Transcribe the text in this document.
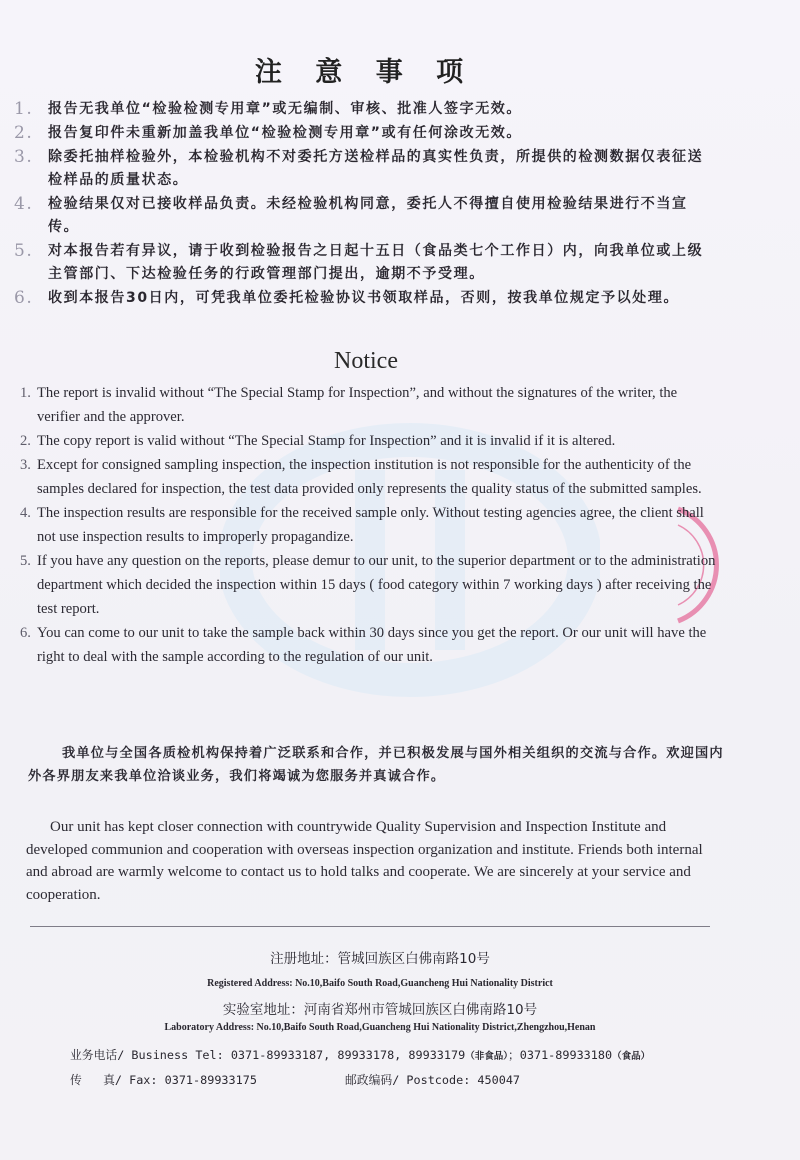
注 意 事 项
1. 报告无我单位“检验检测专用章”或无编制、审核、批准人签字无效。
2. 报告复印件未重新加盖我单位“检验检测专用章”或有任何涂改无效。
3. 除委托抽样检验外，本检验机构不对委托方送检样品的真实性负责，所提供的检测数据仅表征送检样品的质量状态。
4. 检验结果仅对已接收样品负责。未经检验机构同意，委托人不得擅自使用检验结果进行不当宣传。
5. 对本报告若有异议，请于收到检验报告之日起十五日（食品类七个工作日）内，向我单位或上级主管部门、下达检验任务的行政管理部门提出，逾期不予受理。
6. 收到本报告30日内，可凭我单位委托检验协议书领取样品，否则，按我单位规定予以处理。
Notice
1. The report is invalid without “The Special Stamp for Inspection”, and without the signatures of the writer, the verifier and the approver.
2. The copy report is valid without “The Special Stamp for Inspection” and it is invalid if it is altered.
3. Except for consigned sampling inspection, the inspection institution is not responsible for the authenticity of the samples declared for inspection, the test data provided only represents the quality status of the submitted samples.
4. The inspection results are responsible for the received sample only. Without testing agencies agree, the client shall not use inspection results to improperly propagandize.
5. If you have any question on the reports, please demur to our unit, to the superior department or to the administration department which decided the inspection within 15 days ( food category within 7 working days ) after receiving the test report.
6. You can come to our unit to take the sample back within 30 days since you get the report. Or our unit will have the right to deal with the sample according to the regulation of our unit.
我单位与全国各质检机构保持着广泛联系和合作，并已积极发展与国外相关组织的交流与合作。欢迎国内外各界朋友来我单位洽谈业务，我们将竭诚为您服务并真诚合作。
Our unit has kept closer connection with countrywide Quality Supervision and Inspection Institute and developed communion and cooperation with overseas inspection organization and institute. Friends both internal and abroad are warmly welcome to contact us to hold talks and cooperate. We are sincerely at your service and cooperation.
注册地址：管城回族区白佛南路10号
Registered Address: No.10,Baifo South Road,Guancheng Hui Nationality District
实验室地址：河南省郑州市管城回族区白佛南路10号
Laboratory Address: No.10,Baifo South Road,Guancheng Hui Nationality District,Zhengzhou,Henan
业务电话/ Business Tel: 0371-89933187, 89933178, 89933179（非食品）；0371-89933180（食品）
传   真/ Fax: 0371-89933175	邮政编码/ Postcode: 450047
